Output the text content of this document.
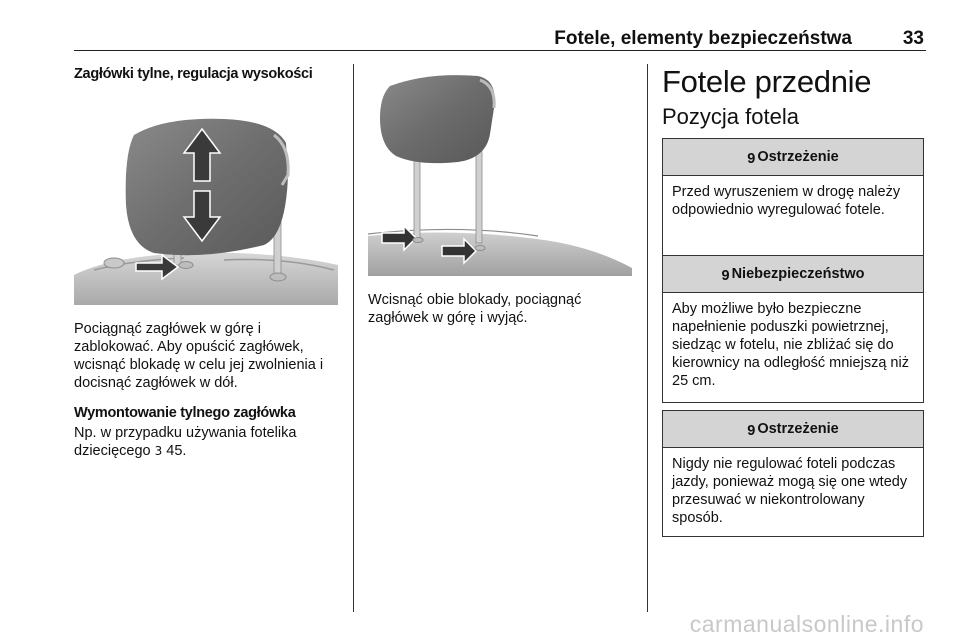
Fotele, elementy bezpieczeństwa	33
Zagłówki tylne, regulacja wysokości
Pociągnąć zagłówek w górę i zablokować. Aby opuścić zagłówek, wcisnąć blokadę w celu jej zwolnienia i docisnąć zagłówek w dół.
Wymontowanie tylnego zagłówka
Np. w przypadku używania fotelika dziecięcego 3 45.
Wcisnąć obie blokady, pociągnąć zagłówek w górę i wyjąć.
Fotele przednie
Pozycja fotela
9 Ostrzeżenie
Przed wyruszeniem w drogę należy odpowiednio wyregulować fotele.
9 Niebezpieczeństwo
Aby możliwe było bezpieczne napełnienie poduszki powietrznej, siedząc w fotelu, nie zbliżać się do kierownicy na odległość mniejszą niż 25 cm.
9 Ostrzeżenie
Nigdy nie regulować foteli podczas jazdy, ponieważ mogą się one wtedy przesuwać w niekontrolowany sposób.
carmanualsonline.info
